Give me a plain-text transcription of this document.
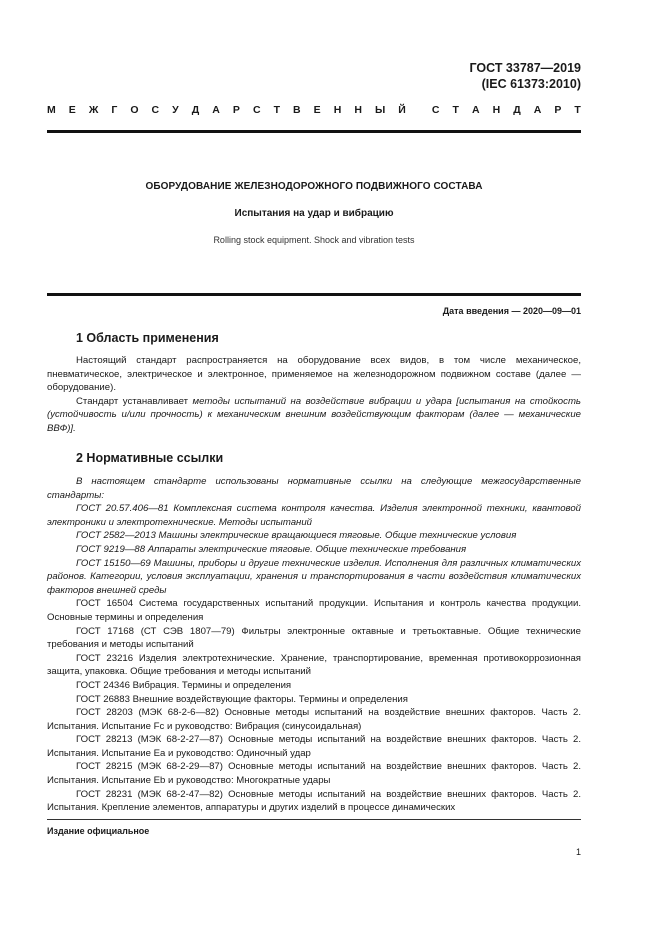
ГОСТ 33787—2019
(IEC 61373:2010)
М Е Ж Г О С У Д А Р С Т В Е Н Н Ы Й С Т А Н Д А Р Т
ОБОРУДОВАНИЕ ЖЕЛЕЗНОДОРОЖНОГО ПОДВИЖНОГО СОСТАВА
Испытания на удар и вибрацию
Rolling stock equipment. Shock and vibration tests
Дата введения — 2020—09—01
1 Область применения

Настоящий стандарт распространяется на оборудование всех видов, в том числе механическое, пневматическое, электрическое и электронное, применяемое на железнодорожном подвижном составе (далее — оборудование).

Стандарт устанавливает методы испытаний на воздействие вибрации и удара [испытания на стойкость (устойчивость и/или прочность) к механическим внешним воздействующим факторам (далее — механические ВВФ)].

2 Нормативные ссылки

В настоящем стандарте использованы нормативные ссылки на следующие межгосударственные стандарты:

ГОСТ 20.57.406—81 Комплексная система контроля качества. Изделия электронной техники, квантовой электроники и электротехнические. Методы испытаний

ГОСТ 2582—2013 Машины электрические вращающиеся тяговые. Общие технические условия

ГОСТ 9219—88 Аппараты электрические тяговые. Общие технические требования

ГОСТ 15150—69 Машины, приборы и другие технические изделия. Исполнения для различных климатических районов. Категории, условия эксплуатации, хранения и транспортирования в части воздействия климатических факторов внешней среды

ГОСТ 16504 Система государственных испытаний продукции. Испытания и контроль качества продукции. Основные термины и определения

ГОСТ 17168 (СТ СЭВ 1807—79) Фильтры электронные октавные и третьоктавные. Общие технические требования и методы испытаний

ГОСТ 23216 Изделия электротехнические. Хранение, транспортирование, временная противокоррозионная защита, упаковка. Общие требования и методы испытаний

ГОСТ 24346 Вибрация. Термины и определения

ГОСТ 26883 Внешние воздействующие факторы. Термины и определения

ГОСТ 28203 (МЭК 68-2-6—82) Основные методы испытаний на воздействие внешних факторов. Часть 2. Испытания. Испытание Fc и руководство: Вибрация (синусоидальная)

ГОСТ 28213 (МЭК 68-2-27—87) Основные методы испытаний на воздействие внешних факторов. Часть 2. Испытания. Испытание Еа и руководство: Одиночный удар

ГОСТ 28215 (МЭК 68-2-29—87) Основные методы испытаний на воздействие внешних факторов. Часть 2. Испытания. Испытание Eb и руководство: Многократные удары

ГОСТ 28231 (МЭК 68-2-47—82) Основные методы испытаний на воздействие внешних факторов. Часть 2. Испытания. Крепление элементов, аппаратуры и других изделий в процессе динамических

Издание официальное
1
